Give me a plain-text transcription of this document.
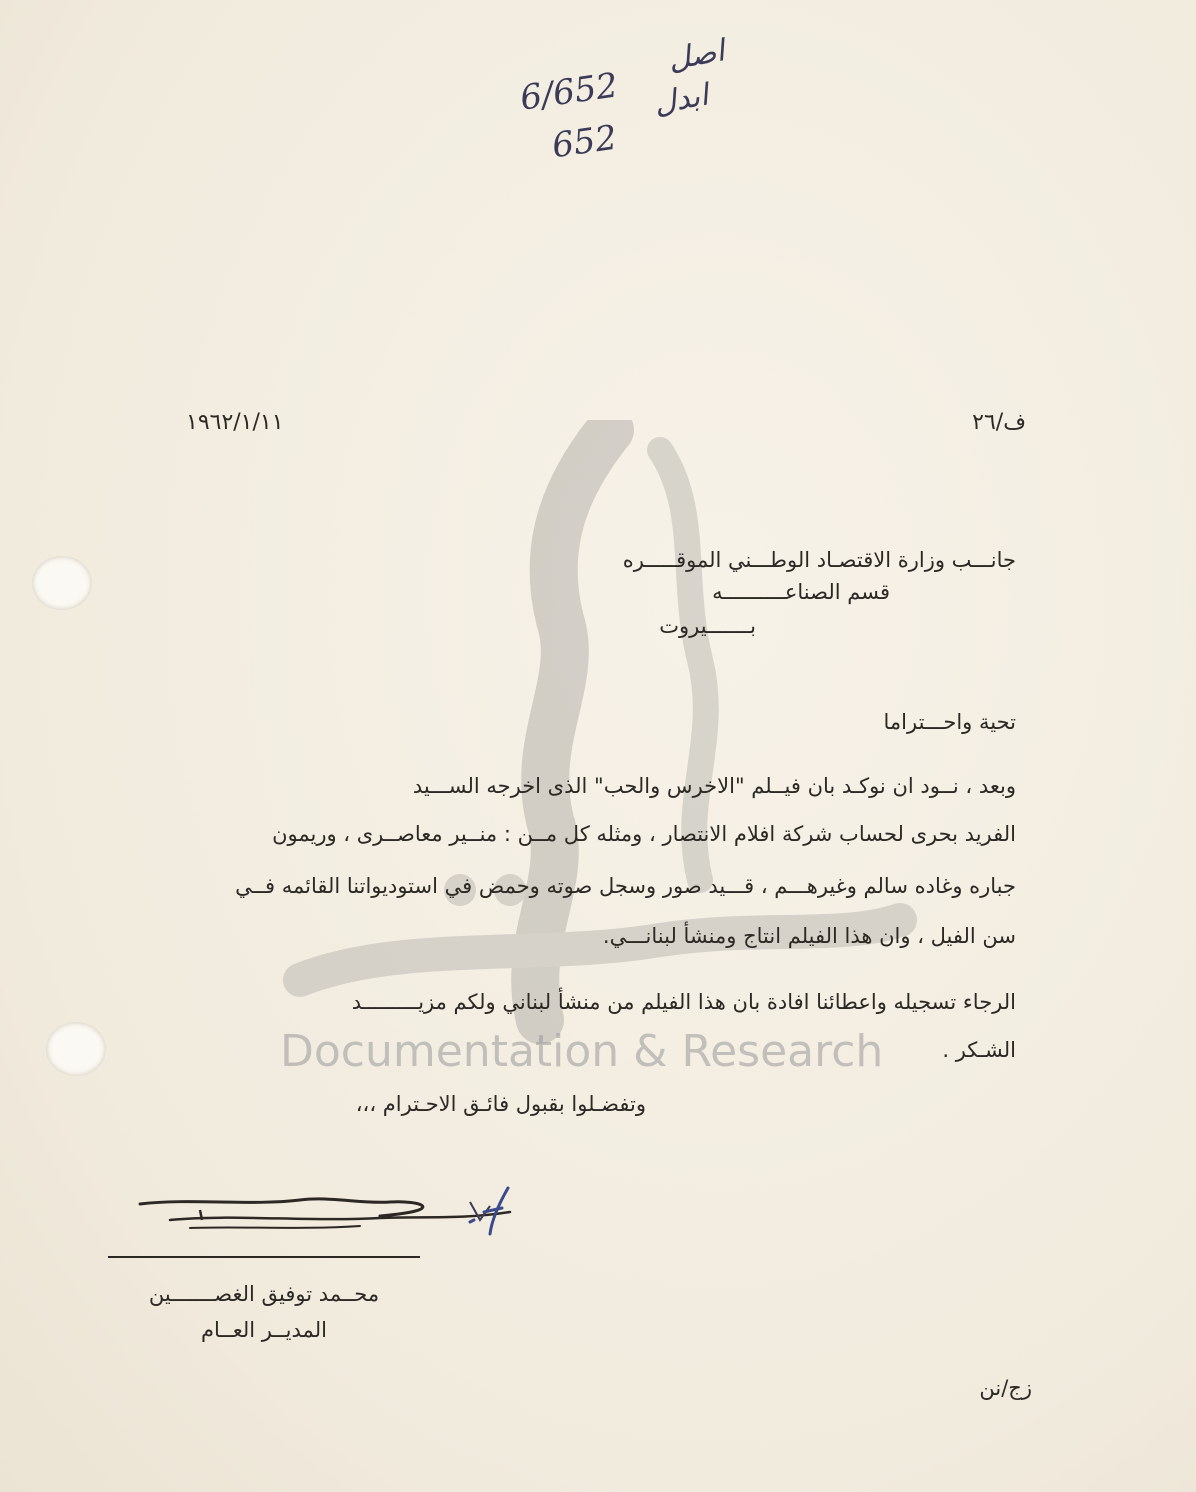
Documentation & Research
6/652
652
اصل
ابدل
ف/٢٦
١٩٦٢/١/١١
جانـــب وزارة الاقتصـاد الوطـــني الموقـــــره
قسم الصناعــــــــــه
بـــــــيروت
تحية واحـــتراما
وبعد ، نــود ان نوكـد بان فيــلم "الاخرس والحب" الذى اخرجه الســـيد
الفريد بحرى لحساب شركة افلام الانتصار ، ومثله كل مــن : منــير معاصــرى ، وريمون
جباره وغاده سالم وغيرهـــم ، قـــيد صور وسجل صوته وحمض في استوديواتنا القائمه فــي
سن الفيل ، وان هذا الفيلم انتاج ومنشأ لبنانـــي.
الرجاء تسجيله واعطائنا افادة بان هذا الفيلم من منشأ لبناني ولكم مزيـــــــــد
الشـكر .
وتفضـلوا بقبول فائـق الاحـترام ،،،
محــمد توفيق الغصـــــــين
المديــر العــام
زج/نن
